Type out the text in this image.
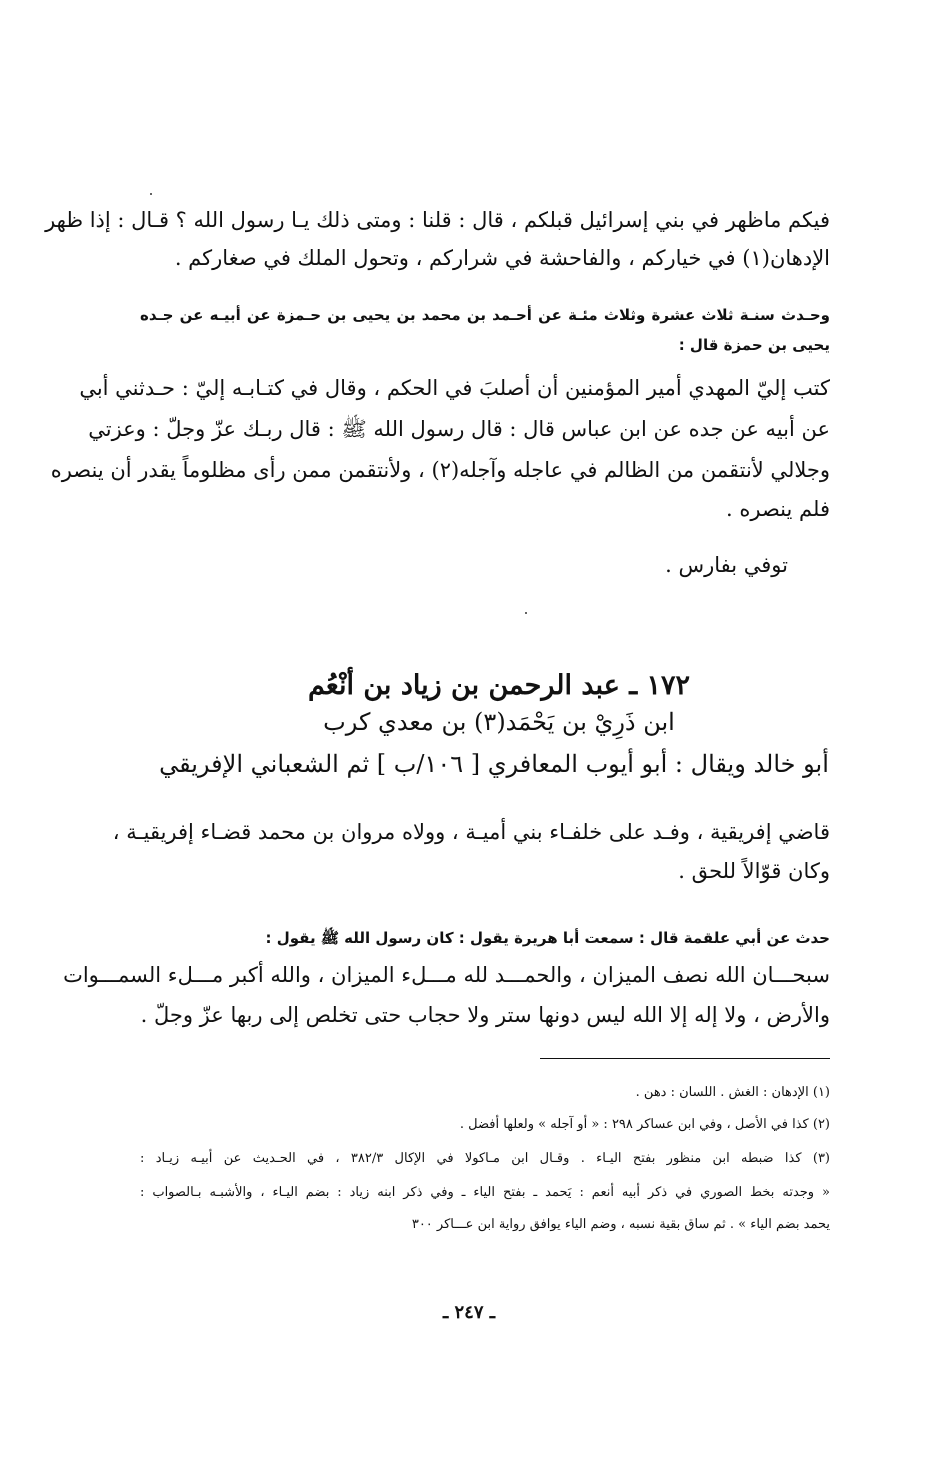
فيكم ماظهر في بني إسرائيل قبلكم ، قال : قلنا : ومتى ذلك يـا رسول الله ؟ قـال : إذا ظهر
الإدهان(١) في خياركم ، والفاحشة في شراركم ، وتحول الملك في صغاركم .
وحـدث سنـة ثلاث عشرة وثلاث مئـة عن أحـمد بن محمد بن يحيى بن حـمزة عن أبيـه عن جـده
يحيى بن حمزة قال :
كتب إليّ المهدي أمير المؤمنين أن أصلبَ في الحكم ، وقال في كتـابـه إليّ : حـدثني أبي
عن أبيه عن جده عن ابن عباس قال : قال رسول الله ﷺ : قال ربـك عزّ وجلّ : وعزتي
وجلالي لأنتقمن من الظالم في عاجله وآجله(٢) ، ولأنتقمن ممن رأى مظلوماً يقدر أن ينصره
فلم ينصره .
توفي بفارس .
١٧٢ ـ عبد الرحمن بن زياد بن أنْعُم
ابن ذَرِيْ بن يَحْمَد(٣) بن معدي كرب
أبو خالد ويقال : أبو أيوب المعافري [ ١٠٦/ب ] ثم الشعباني الإفريقي
قاضي إفريقية ، وفـد على خلفـاء بني أميـة ، وولاه مروان بن محمد قضـاء إفريقيـة ،
وكان قوّالاً للحق .
حدث عن أبي علقمة قال : سمعت أبا هريرة يقول : كان رسول الله ﷺ يقول :
سبحـــان الله نصف الميزان ، والحمـــد لله مـــلء الميزان ، والله أكبر مـــلء السمـــوات
والأرض ، ولا إله إلا الله ليس دونها ستر ولا حجاب حتى تخلص إلى ربها عزّ وجلّ .
(١) الإدهان : الغش . اللسان : دهن .
(٢) كذا في الأصل ، وفي ابن عساكر ٢٩٨ : « أو آجله » ولعلها أفضل .
(٣) كذا ضبطه ابن منظور بفتح اليـاء . وقـال ابن مـاكولا في الإكال ٣٨٢/٣ ، في الحـديث عن أبيـه زيـاد :
« وجدته بخط الصوري في ذكر أبيه أنعم : يَحمد ـ بفتح الياء ـ وفي ذكر ابنه زياد : بضم اليـاء ، والأشبـه بـالصواب :
يحمد بضم الياء » . ثم ساق بقية نسبه ، وضم الياء يوافق رواية ابن عـــاكر ٣٠٠
ـ ٢٤٧ ـ
